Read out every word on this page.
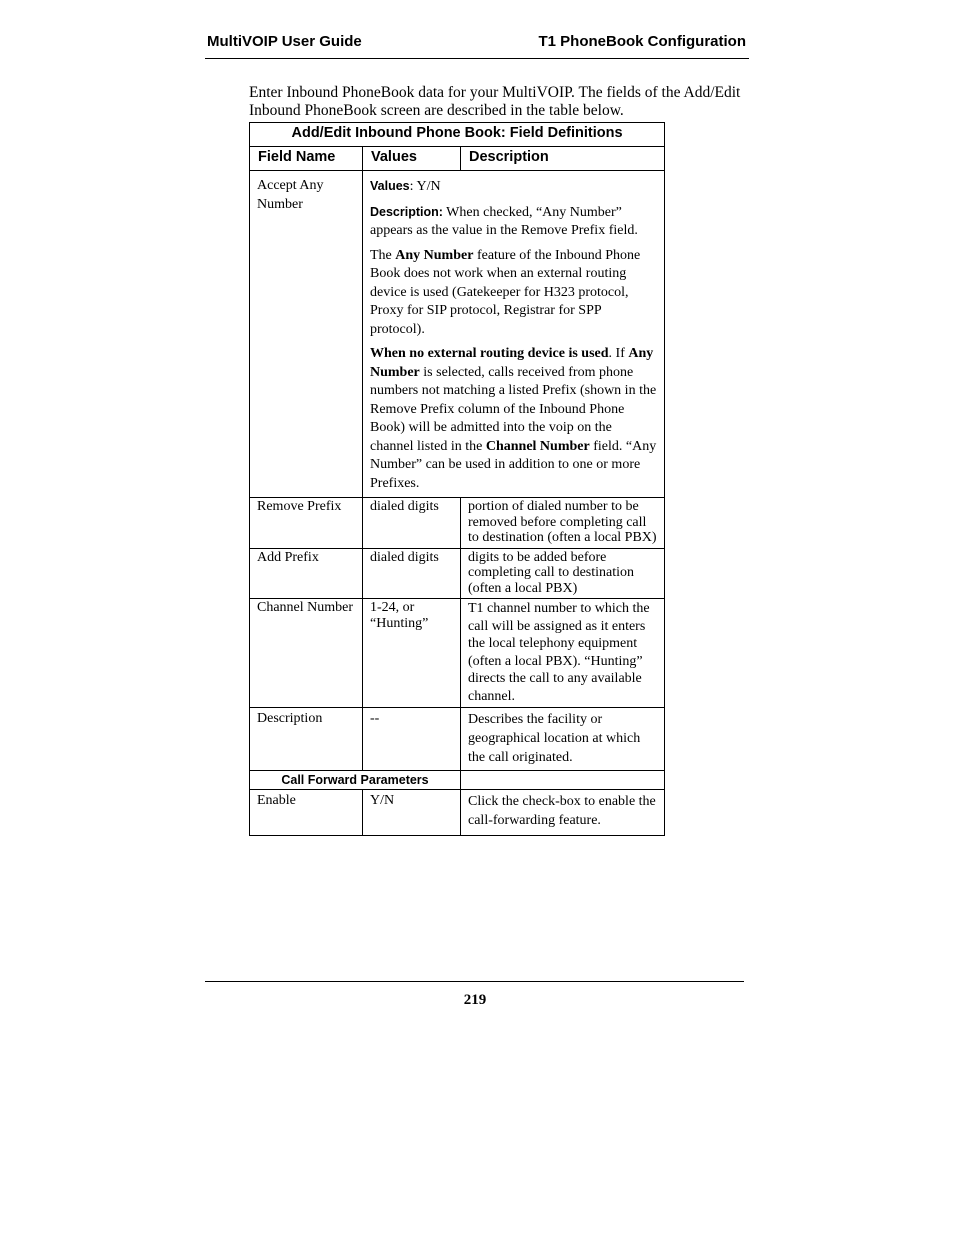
MultiVOIP User Guide	T1 PhoneBook Configuration

Enter Inbound PhoneBook data for your MultiVOIP. The fields of the Add/Edit Inbound PhoneBook screen are described in the table below.

Add/Edit Inbound Phone Book: Field Definitions		
Field Name	Values	Description
Accept Any Number	Values: Y/N

Description: When checked, “Any Number” appears as the value in the Remove Prefix field.

The Any Number feature of the Inbound Phone Book does not work when an external routing device is used (Gatekeeper for H323 protocol, Proxy for SIP protocol, Registrar for SPP protocol).

When no external routing device is used. If Any Number is selected, calls received from phone numbers not matching a listed Prefix (shown in the Remove Prefix column of the Inbound Phone Book) will be admitted into the voip on the channel listed in the Channel Number field. “Any Number” can be used in addition to one or more Prefixes.	

Remove Prefix	dialed digits	portion of dialed number to be removed before completing call to destination (often a local PBX)
Add Prefix	dialed digits	digits to be added before completing call to destination (often a local PBX)
Channel Number	1-24, or “Hunting”	T1 channel number to which the call will be assigned as it enters the local telephony equipment
(often a local PBX). “Hunting” directs the call to any available channel.

Description	--	Describes the facility or geographical location at which the call originated.
Call Forward Parameters		
Enable	Y/N	Click the check-box to enable the call-forwarding feature.
219
